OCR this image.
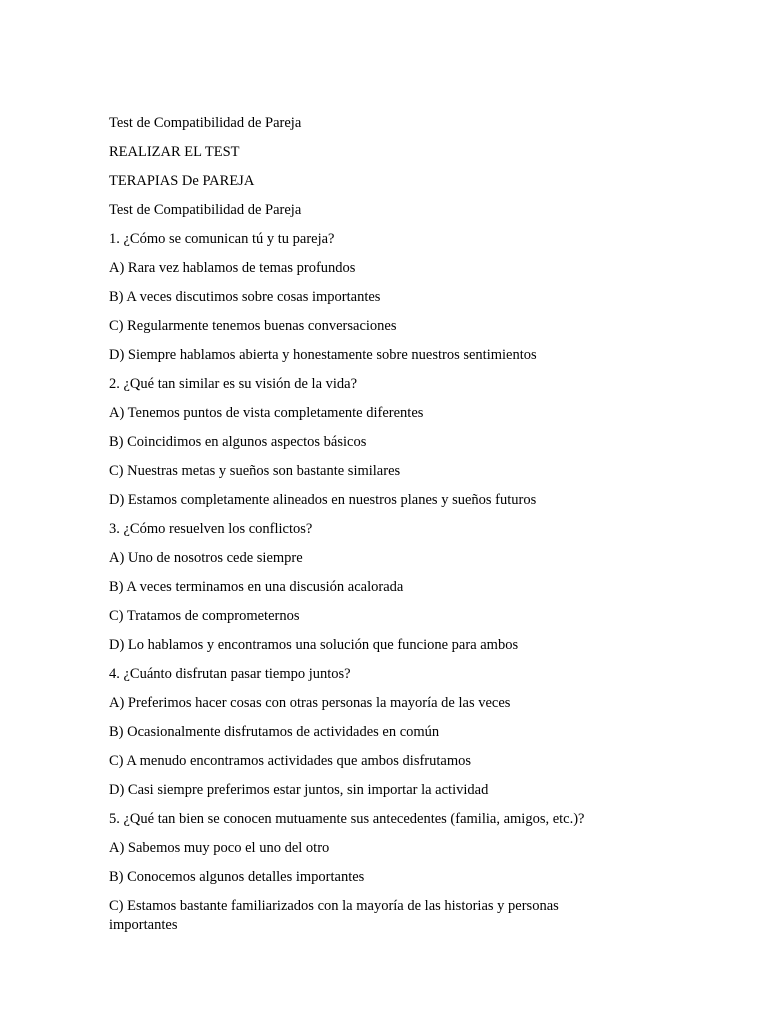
Test de Compatibilidad de Pareja

REALIZAR EL TEST

TERAPIAS De PAREJA

Test de Compatibilidad de Pareja

1. ¿Cómo se comunican tú y tu pareja?

A) Rara vez hablamos de temas profundos

B) A veces discutimos sobre cosas importantes

C) Regularmente tenemos buenas conversaciones

D) Siempre hablamos abierta y honestamente sobre nuestros sentimientos

2. ¿Qué tan similar es su visión de la vida?

A) Tenemos puntos de vista completamente diferentes

B) Coincidimos en algunos aspectos básicos

C) Nuestras metas y sueños son bastante similares

D) Estamos completamente alineados en nuestros planes y sueños futuros

3. ¿Cómo resuelven los conflictos?

A) Uno de nosotros cede siempre

B) A veces terminamos en una discusión acalorada

C) Tratamos de comprometernos

D) Lo hablamos y encontramos una solución que funcione para ambos

4. ¿Cuánto disfrutan pasar tiempo juntos?

A) Preferimos hacer cosas con otras personas la mayoría de las veces

B) Ocasionalmente disfrutamos de actividades en común

C) A menudo encontramos actividades que ambos disfrutamos

D) Casi siempre preferimos estar juntos, sin importar la actividad

5. ¿Qué tan bien se conocen mutuamente sus antecedentes (familia, amigos, etc.)?

A) Sabemos muy poco el uno del otro

B) Conocemos algunos detalles importantes

C) Estamos bastante familiarizados con la mayoría de las historias y personas importantes
